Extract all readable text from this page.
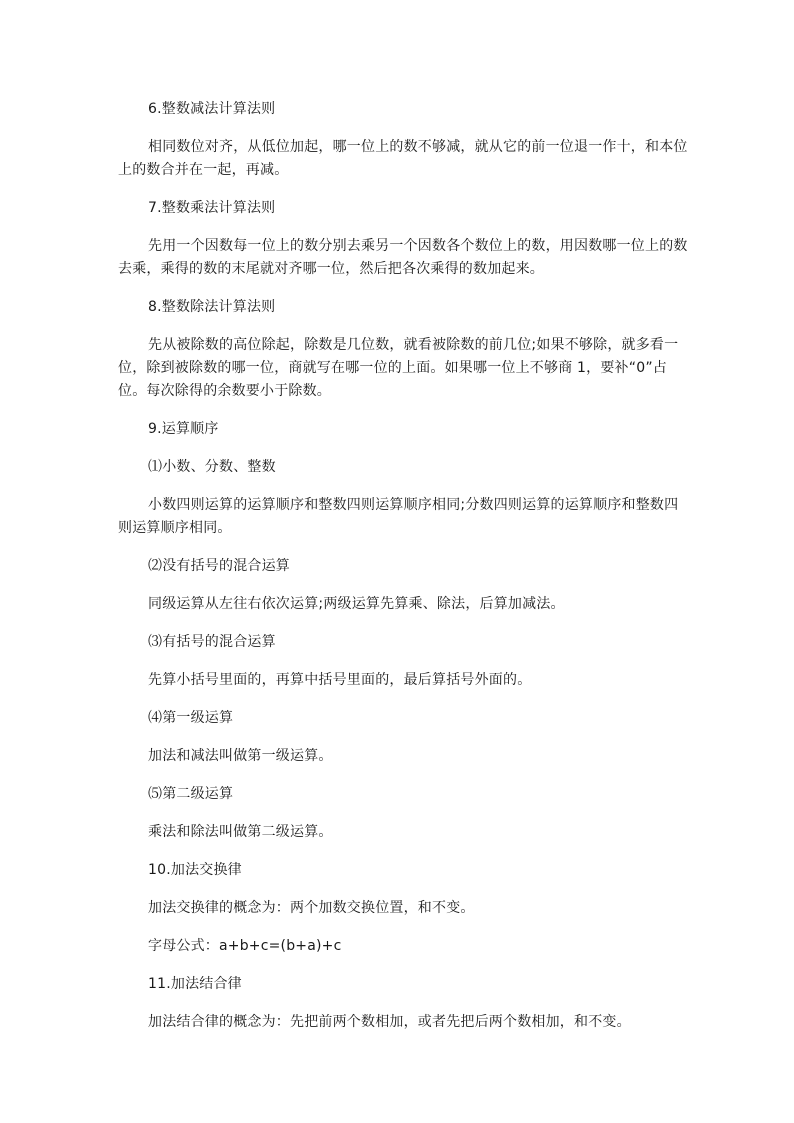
6.整数减法计算法则
相同数位对齐，从低位加起，哪一位上的数不够减，就从它的前一位退一作十，和本位
上的数合并在一起，再减。
7.整数乘法计算法则
先用一个因数每一位上的数分别去乘另一个因数各个数位上的数，用因数哪一位上的数
去乘，乘得的数的末尾就对齐哪一位，然后把各次乘得的数加起来。
8.整数除法计算法则
先从被除数的高位除起，除数是几位数，就看被除数的前几位;如果不够除，就多看一
位，除到被除数的哪一位，商就写在哪一位的上面。如果哪一位上不够商 1，要补“0”占
位。每次除得的余数要小于除数。
9.运算顺序
⑴小数、分数、整数
小数四则运算的运算顺序和整数四则运算顺序相同;分数四则运算的运算顺序和整数四
则运算顺序相同。
⑵没有括号的混合运算
同级运算从左往右依次运算;两级运算先算乘、除法，后算加减法。
⑶有括号的混合运算
先算小括号里面的，再算中括号里面的，最后算括号外面的。
⑷第一级运算
加法和减法叫做第一级运算。
⑸第二级运算
乘法和除法叫做第二级运算。
10.加法交换律
加法交换律的概念为：两个加数交换位置，和不变。
字母公式：a+b+c=(b+a)+c
11.加法结合律
加法结合律的概念为：先把前两个数相加，或者先把后两个数相加，和不变。
